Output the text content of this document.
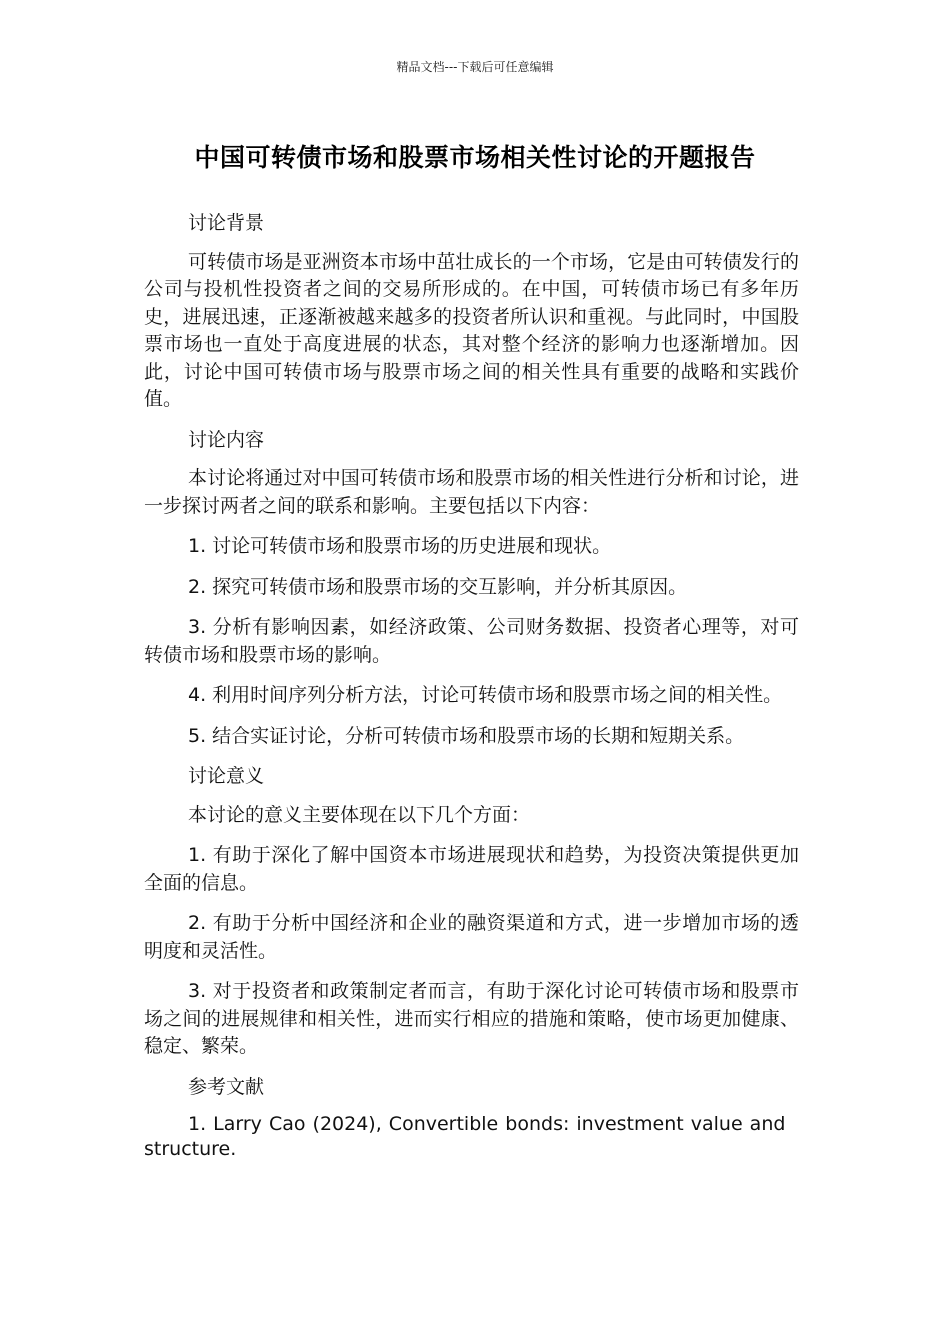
精品文档---下载后可任意编辑
中国可转债市场和股票市场相关性讨论的开题报告

讨论背景

可转债市场是亚洲资本市场中茁壮成长的一个市场，它是由可转债发行的公司与投机性投资者之间的交易所形成的。在中国，可转债市场已有多年历史，进展迅速，正逐渐被越来越多的投资者所认识和重视。与此同时，中国股票市场也一直处于高度进展的状态，其对整个经济的影响力也逐渐增加。因此，讨论中国可转债市场与股票市场之间的相关性具有重要的战略和实践价值。

讨论内容

本讨论将通过对中国可转债市场和股票市场的相关性进行分析和讨论，进一步探讨两者之间的联系和影响。主要包括以下内容：

1. 讨论可转债市场和股票市场的历史进展和现状。

2. 探究可转债市场和股票市场的交互影响，并分析其原因。

3. 分析有影响因素，如经济政策、公司财务数据、投资者心理等，对可转债市场和股票市场的影响。

4. 利用时间序列分析方法，讨论可转债市场和股票市场之间的相关性。

5. 结合实证讨论，分析可转债市场和股票市场的长期和短期关系。

讨论意义

本讨论的意义主要体现在以下几个方面：

1. 有助于深化了解中国资本市场进展现状和趋势，为投资决策提供更加全面的信息。

2. 有助于分析中国经济和企业的融资渠道和方式，进一步增加市场的透明度和灵活性。

3. 对于投资者和政策制定者而言，有助于深化讨论可转债市场和股票市场之间的进展规律和相关性，进而实行相应的措施和策略，使市场更加健康、稳定、繁荣。

参考文献

1. Larry Cao (2024), Convertible bonds: investment value and structure.
